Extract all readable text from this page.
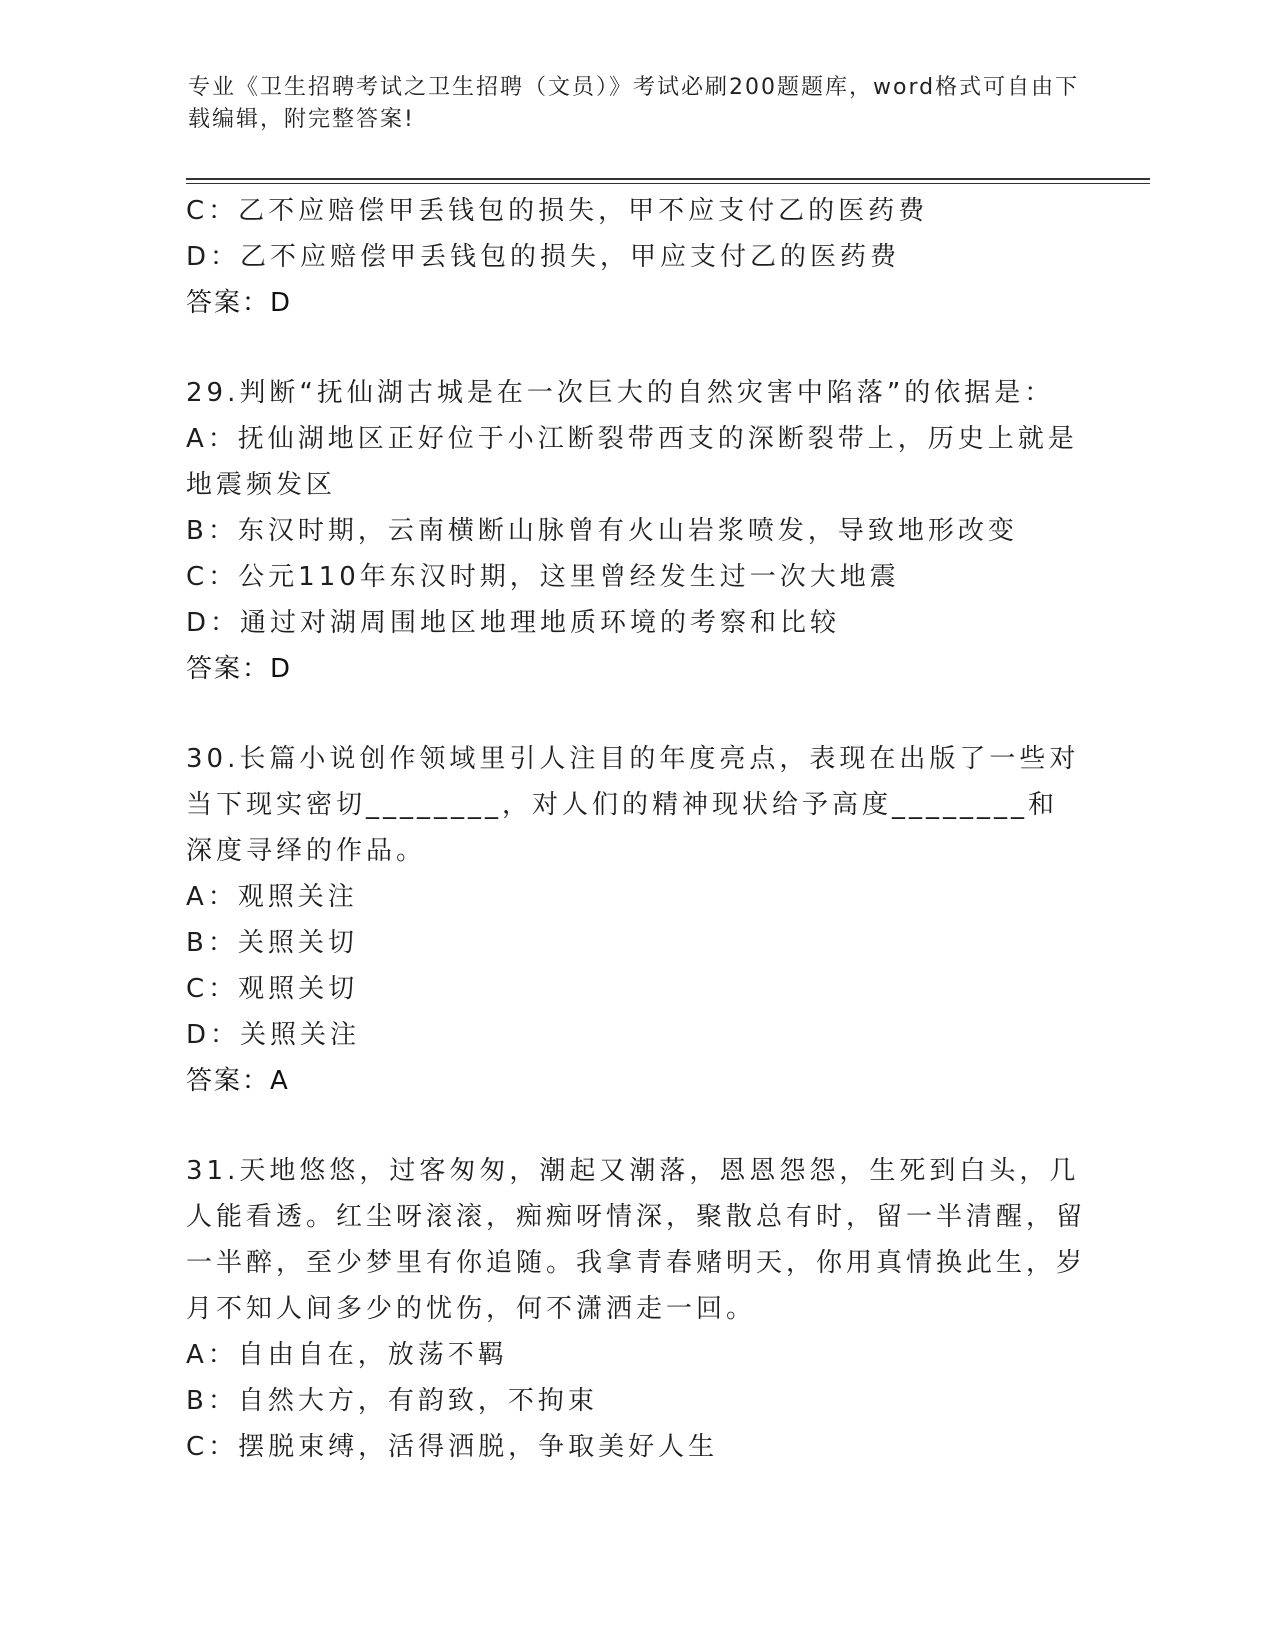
专业《卫生招聘考试之卫生招聘（文员）》考试必刷200题题库，word格式可自由下载编辑，附完整答案!
C：乙不应赔偿甲丢钱包的损失，甲不应支付乙的医药费
D：乙不应赔偿甲丢钱包的损失，甲应支付乙的医药费
答案：D
29.判断“抚仙湖古城是在一次巨大的自然灾害中陷落”的依据是：
A：抚仙湖地区正好位于小江断裂带西支的深断裂带上，历史上就是地震频发区
B：东汉时期，云南横断山脉曾有火山岩浆喷发，导致地形改变
C：公元110年东汉时期，这里曾经发生过一次大地震
D：通过对湖周围地区地理地质环境的考察和比较
答案：D
30.长篇小说创作领域里引人注目的年度亮点，表现在出版了一些对当下现实密切________，对人们的精神现状给予高度________和深度寻绎的作品。
A：观照关注
B：关照关切
C：观照关切
D：关照关注
答案：A
31.天地悠悠，过客匆匆，潮起又潮落，恩恩怨怨，生死到白头，几人能看透。红尘呀滚滚，痴痴呀情深，聚散总有时，留一半清醒，留一半醉，至少梦里有你追随。我拿青春赌明天，你用真情换此生，岁月不知人间多少的忧伤，何不潇洒走一回。
A：自由自在，放荡不羁
B：自然大方，有韵致，不拘束
C：摆脱束缚，活得洒脱，争取美好人生
